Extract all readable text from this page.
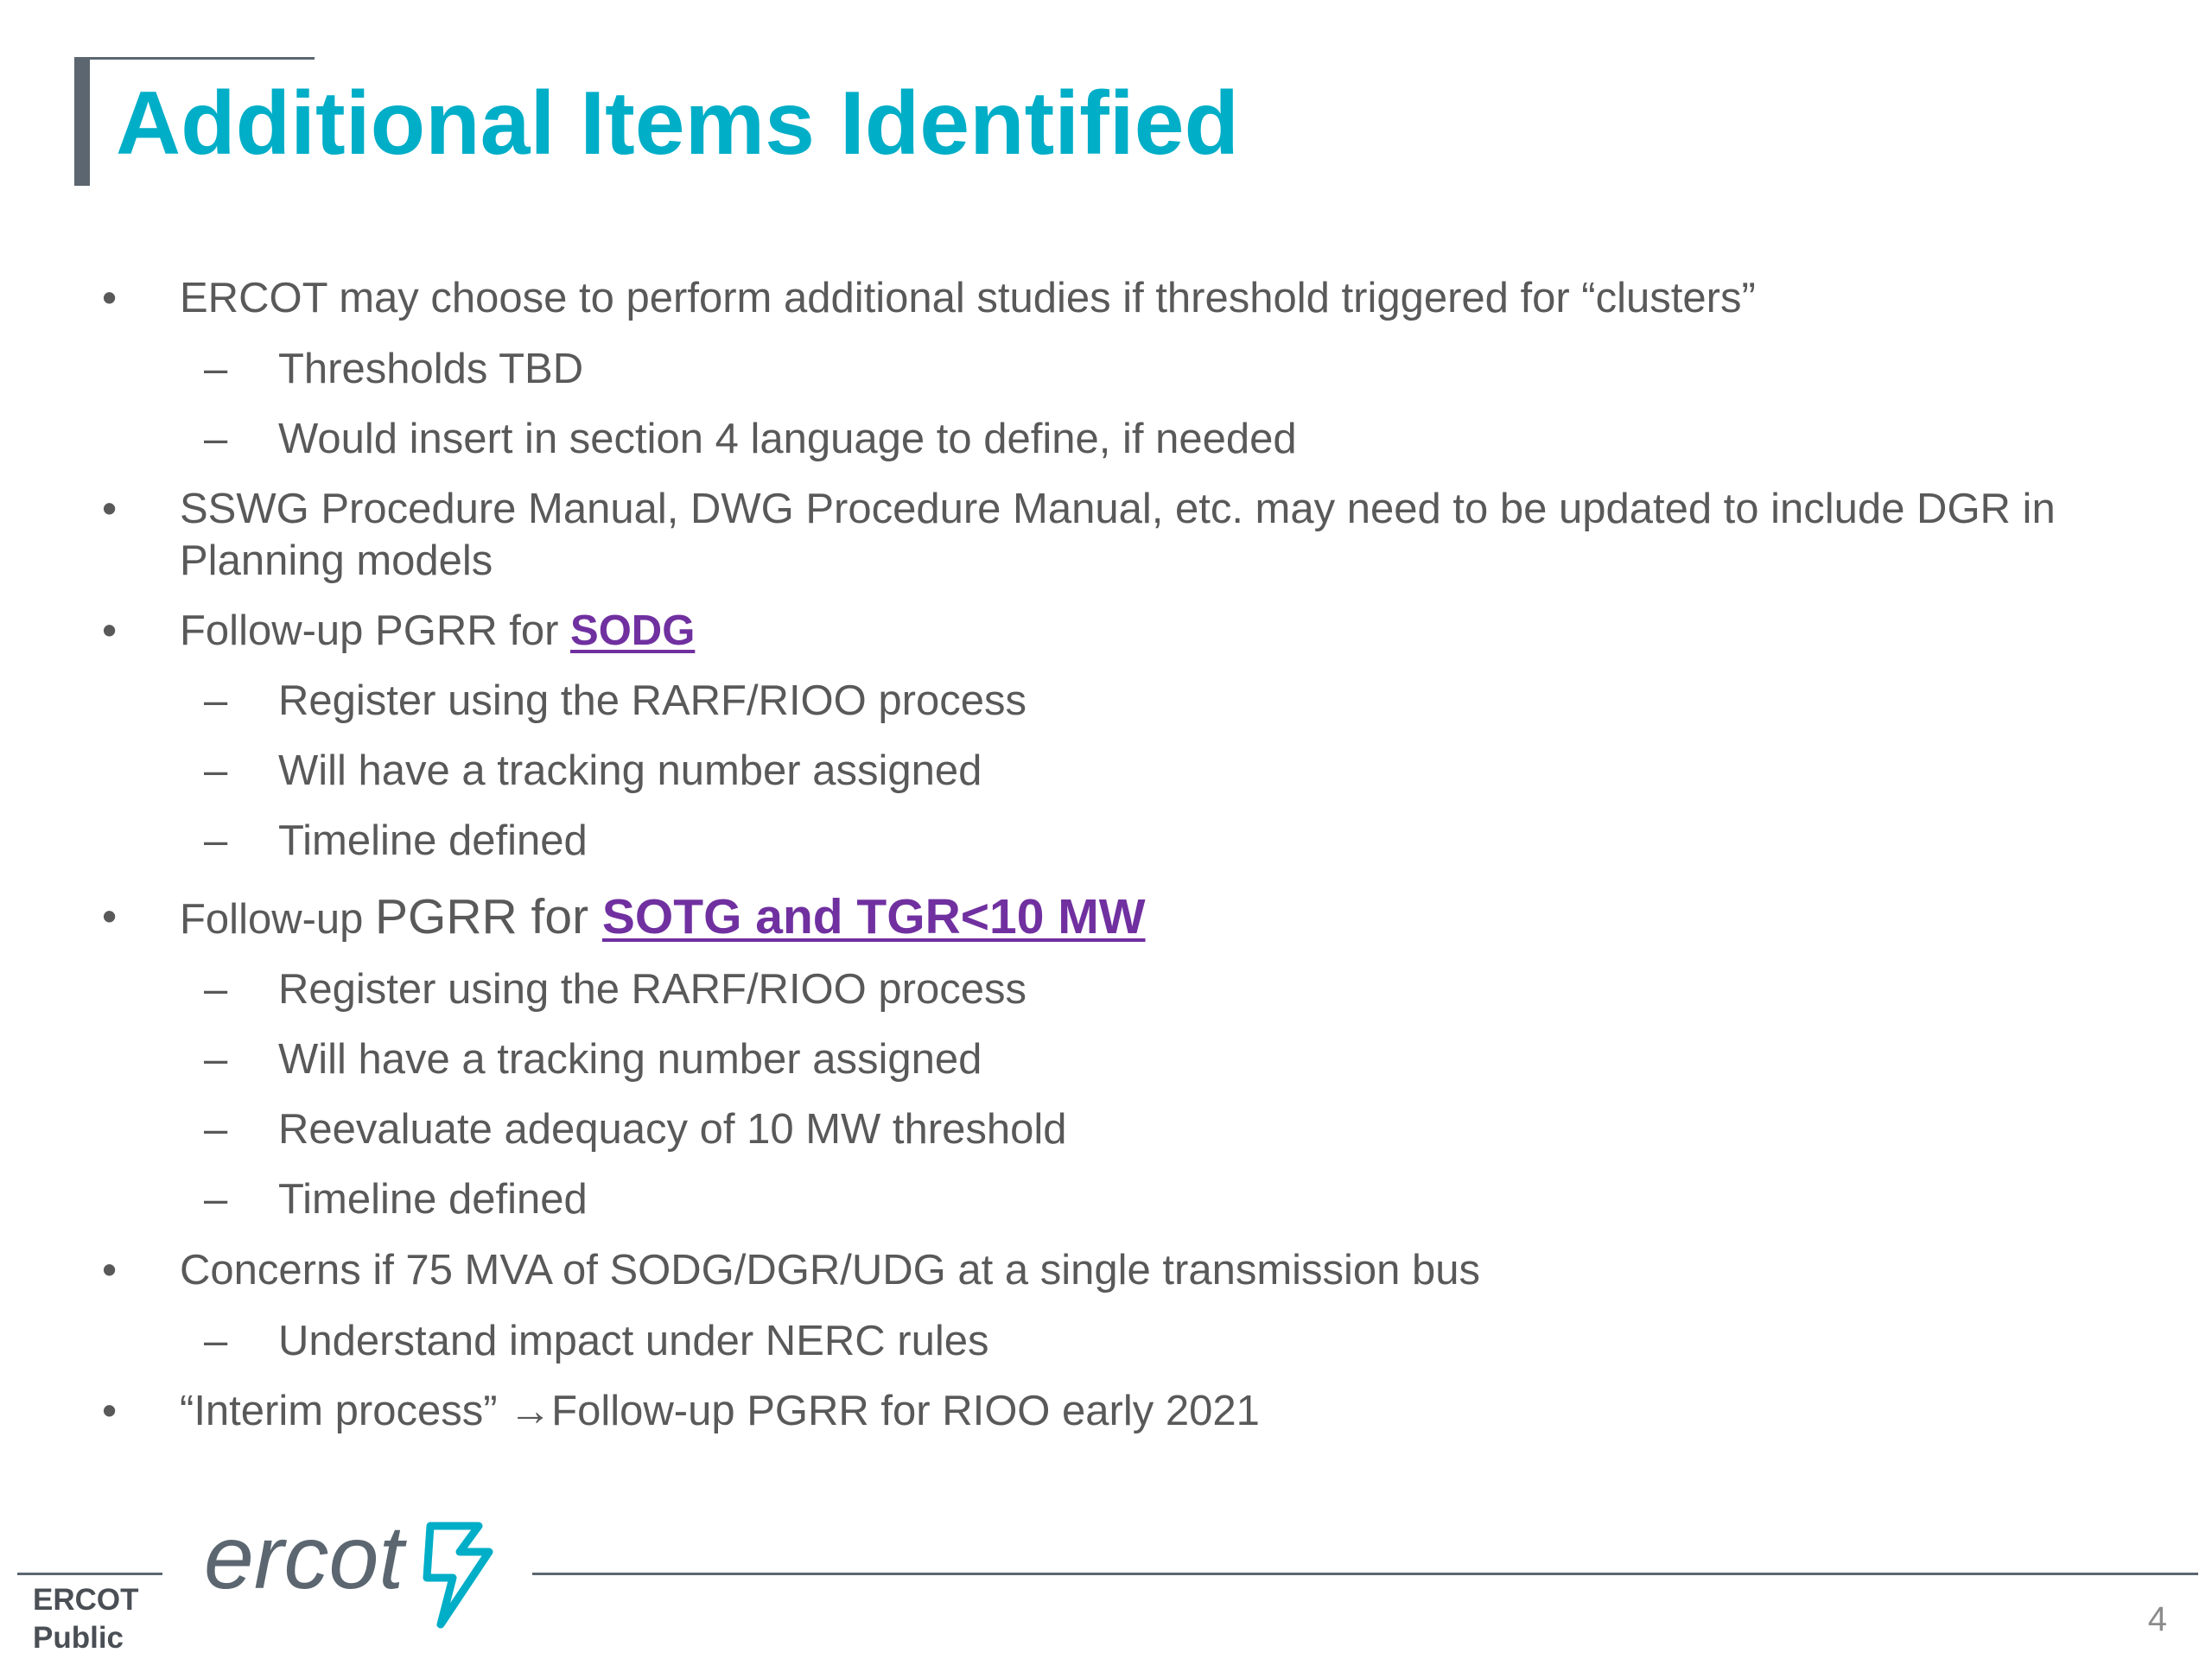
Additional Items Identified
• ERCOT may choose to perform additional studies if threshold triggered for “clusters”
– Thresholds TBD
– Would insert in section 4 language to define, if needed
• SSWG Procedure Manual, DWG Procedure Manual, etc. may need to be updated to include DGR in
Planning models
• Follow-up PGRR for SODG
– Register using the RARF/RIOO process
– Will have a tracking number assigned
– Timeline defined
• Follow-up PGRR for SOTG and TGR<10 MW
– Register using the RARF/RIOO process
– Will have a tracking number assigned
– Reevaluate adequacy of 10 MW threshold
– Timeline defined
• Concerns if 75 MVA of SODG/DGR/UDG at a single transmission bus
– Understand impact under NERC rules
• “Interim process” →Follow-up PGRR for RIOO early 2021
ERCOT
Public
ercot
4
